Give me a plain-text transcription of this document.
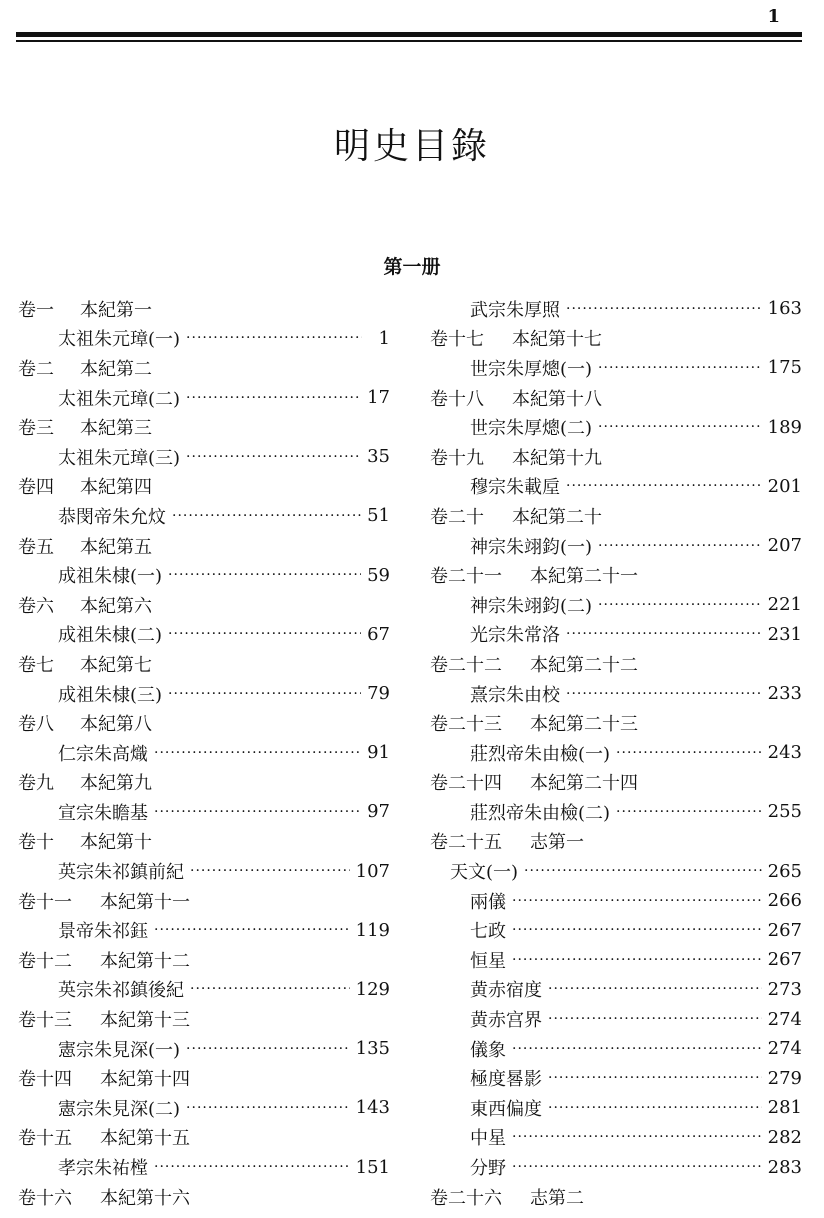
1
明史目錄
第一册
卷一	本紀第一
太祖朱元璋(一) ·····	1
卷二	本紀第二
太祖朱元璋(二) ·····	17
卷三	本紀第三
太祖朱元璋(三) ·····	35
卷四	本紀第四
恭閔帝朱允炆 ·····	51
卷五	本紀第五
成祖朱棣(一) ·····	59
卷六	本紀第六
成祖朱棣(二) ·····	67
卷七	本紀第七
成祖朱棣(三) ·····	79
卷八	本紀第八
仁宗朱高熾 ·····	91
卷九	本紀第九
宣宗朱瞻基 ·····	97
卷十	本紀第十
英宗朱祁鎮前紀 ·····	107
卷十一	本紀第十一
景帝朱祁鈺 ·····	119
卷十二	本紀第十二
英宗朱祁鎮後紀 ·····	129
卷十三	本紀第十三
憲宗朱見深(一) ·····	135
卷十四	本紀第十四
憲宗朱見深(二) ·····	143
卷十五	本紀第十五
孝宗朱祐樘 ·····	151
卷十六	本紀第十六
武宗朱厚照 ·····	163
卷十七	本紀第十七
世宗朱厚熜(一) ·····	175
卷十八	本紀第十八
世宗朱厚熜(二) ·····	189
卷十九	本紀第十九
穆宗朱載垕 ·····	201
卷二十	本紀第二十
神宗朱翊鈞(一) ·····	207
卷二十一	本紀第二十一
神宗朱翊鈞(二) ·····	221
光宗朱常洛 ·····	231
卷二十二	本紀第二十二
熹宗朱由校 ·····	233
卷二十三	本紀第二十三
莊烈帝朱由檢(一) ·····	243
卷二十四	本紀第二十四
莊烈帝朱由檢(二) ·····	255
卷二十五	志第一
天文(一) ·····	265
兩儀 ·····	266
七政 ·····	267
恒星 ·····	267
黄赤宿度 ·····	273
黄赤宫界 ·····	274
儀象 ·····	274
極度晷影 ·····	279
東西偏度 ·····	281
中星 ·····	282
分野 ·····	283
卷二十六	志第二
